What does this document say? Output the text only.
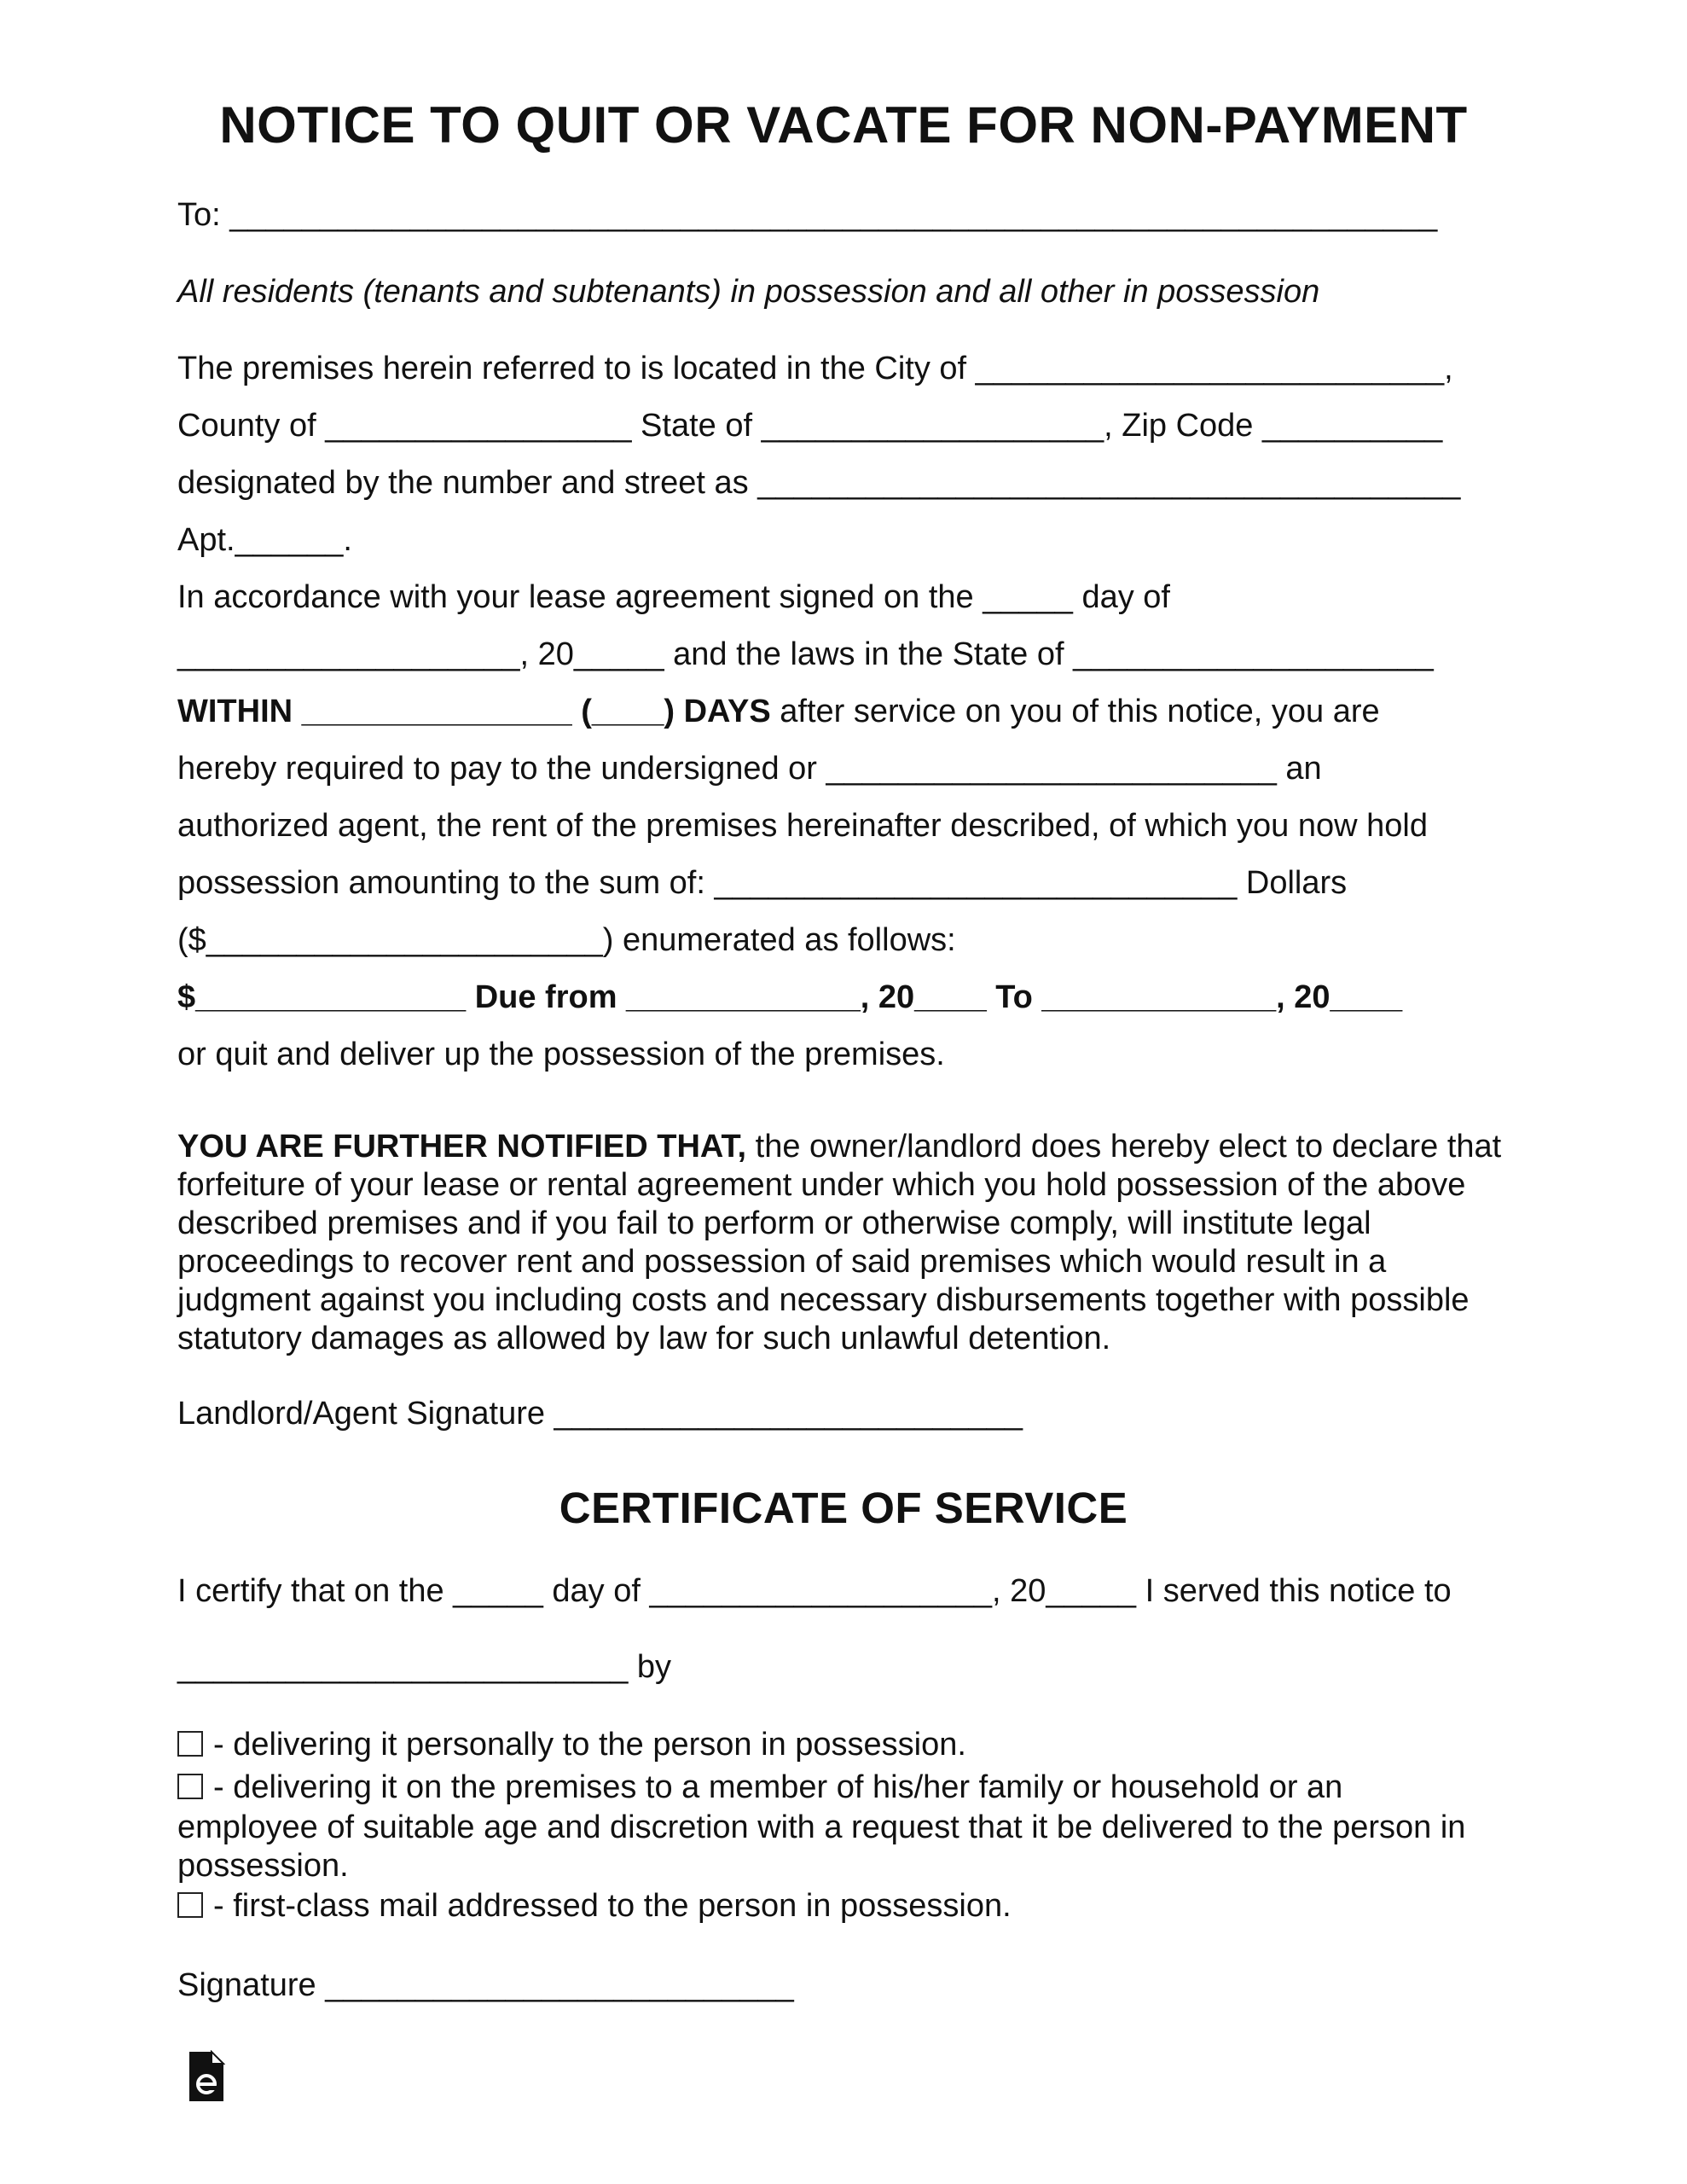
NOTICE TO QUIT OR VACATE FOR NON-PAYMENT
To: ___________________________________________________________________
All residents (tenants and subtenants) in possession and all other in possession
The premises herein referred to is located in the City of __________________________,
County of _________________ State of ___________________, Zip Code __________
designated by the number and street as _______________________________________
Apt.______.
In accordance with your lease agreement signed on the _____ day of
___________________, 20_____ and the laws in the State of ____________________
WITHIN _______________ (____) DAYS after service on you of this notice, you are
hereby required to pay to the undersigned or _________________________ an
authorized agent, the rent of the premises hereinafter described, of which you now hold
possession amounting to the sum of: _____________________________ Dollars
($______________________) enumerated as follows:
$_______________ Due from _____________, 20____ To _____________, 20____
or quit and deliver up the possession of the premises.
YOU ARE FURTHER NOTIFIED THAT, the owner/landlord does hereby elect to declare that forfeiture of your lease or rental agreement under which you hold possession of the above described premises and if you fail to perform or otherwise comply, will institute legal proceedings to recover rent and possession of said premises which would result in a judgment against you including costs and necessary disbursements together with possible statutory damages as allowed by law for such unlawful detention.
Landlord/Agent Signature __________________________
CERTIFICATE OF SERVICE
I certify that on the _____ day of ___________________, 20_____ I served this notice to
_________________________ by
- delivering it personally to the person in possession.
- delivering it on the premises to a member of his/her family or household or an
employee of suitable age and discretion with a request that it be delivered to the person in
possession.
- first-class mail addressed to the person in possession.
Signature __________________________
